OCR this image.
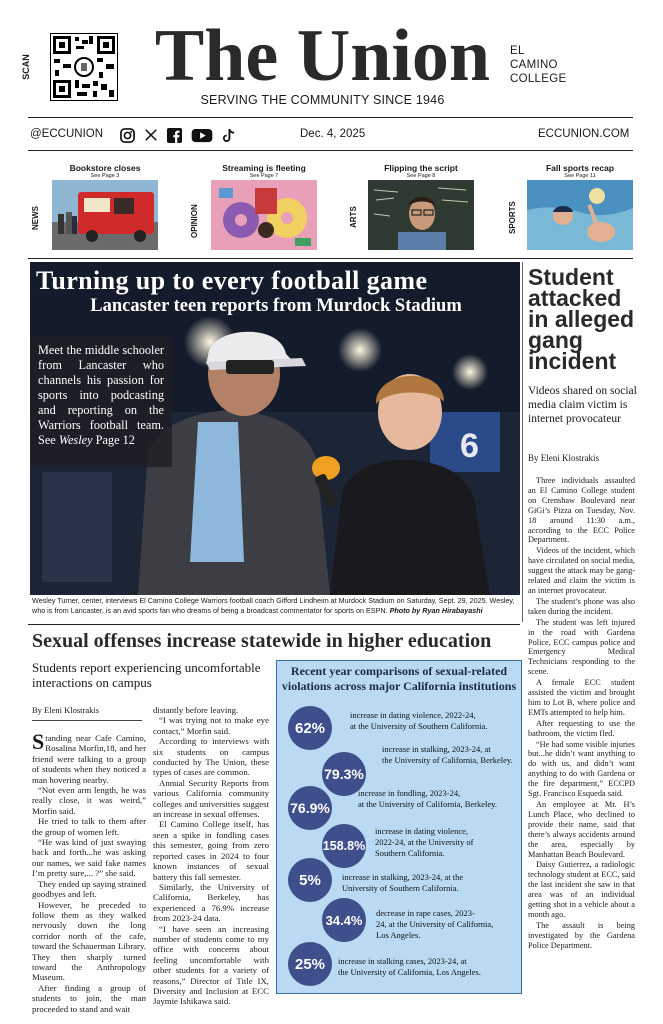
SCAN The Union
SERVING THE COMMUNITY SINCE 1946
EL
CAMINO
COLLEGE
@ECCUNION	Dec. 4, 2025	ECCUNION.COM
NEWS
Bookstore closes
See Page 3
OPINION
Streaming is fleeting
See Page 7
ARTS
Flipping the script
See Page 8
SPORTS
Fall sports recap
See Page 11
6
Turning up to every football game
Lancaster teen reports from Murdock Stadium
Meet the middle schooler from Lancaster who channels his passion for sports into podcasting and reporting on the Warriors football team. See Wesley Page 12
Wesley Turner, center, interviews El Camino College Warriors football coach Gifford Lindheim at Murdock Stadium on Saturday, Sept. 29, 2025. Wesley, who is from Lancaster, is an avid sports fan who dreams of being a broadcast commentator for sports on ESPN. Photo by Ryan Hirabayashi
Student attacked in alleged gang incident
Videos shared on social media claim victim is internet provocateur
By Eleni Klostrakis

Three individuals assaulted an El Camino College student on Crenshaw Boulevard near GiGi’s Pizza on Tuesday, Nov. 18 around 11:30 a.m., according to the ECC Police Department.

Videos of the incident, which have circulated on social media, suggest the attack may be gang-related and claim the victim is an internet provocateur.

The student’s phone was also taken during the incident.

The student was left injured in the road with Gardena Police, ECC campus police and Emergency Medical Technicians responding to the scene.

A female ECC student assisted the victim and brought him to Lot B, where police and EMTs attempted to help him.

After requesting to use the bathroom, the victim fled.

“He had some visible injuries but...he didn’t want anything to do with us, and didn’t want anything to do with Gardena or the fire department,” ECCPD Sgt. Francisco Esqueda said.

An employee at Mr. H’s Lunch Place, who declined to provide their name, said that there’s always accidents around the area, especially by Manhattan Beach Boulevard.

Daisy Gutierrez, a radiologic technology student at ECC, said the last incident she saw in that area was of an individual getting shot in a vehicle about a month ago.

The assault is being investigated by the Gardena Police Department.

Sexual offenses increase statewide in higher education
Students report experiencing uncomfortable interactions on campus
By Eleni Klostrakis

Standing near Cafe Camino, Rosalina Morfin,18, and her friend were talking to a group of students when they noticed a man hovering nearby.

“Not even arm length, he was really close, it was weird,” Morfin said.

He tried to talk to them after the group of women left.

“He was kind of just swaying back and forth...he was asking our names, we said fake names I’m pretty sure,... ?” she said.

They ended up saying strained goodbyes and left.

However, he preceded to follow them as they walked nervously down the long corridor north of the cafe, toward the Schauerman Library. They then sharply turned toward the Anthropology Museum.

After finding a group of students to join, the man proceeded to stand and wait

distantly before leaving.

“I was trying not to make eye contact,” Morfin said.

According to interviews with six students on campus conducted by The Union, these types of cases are common.

Annual Security Reports from various California community colleges and universities suggest an increase in sexual offenses.

El Camino College itself, has seen a spike in fondling cases this semester, going from zero reported cases in 2024 to four known instances of sexual battery this fall semester.

Similarly, the University of California, Berkeley, has experienced a 76.9% increase from 2023-24 data.

“I have seen an increasing number of students come to my office with concerns about feeling uncomfortable with other students for a variety of reasons,” Director of Title IX, Diversity and Inclusion at ECC Jaymie Ishikawa said.

Recent year comparisons of sexual-related violations across major California institutions
62%
increase in dating violence, 2022-24,
at the University of Southern California.
79.3%
increase in stalking, 2023-24, at
the University of California, Berkeley.
76.9%
increase in fondling, 2023-24,
at the University of California, Berkeley.
158.8%
increase in dating violence,
2022-24, at the University of
Southern California.
5%	increase in stalking, 2023-24, at the
University of Southern California.
34.4%	decrease in rape cases, 2023-
24, at the University of California,
Los Angeles.
25%	increase in stalking cases, 2023-24, at
the University of California, Los Angeles.
